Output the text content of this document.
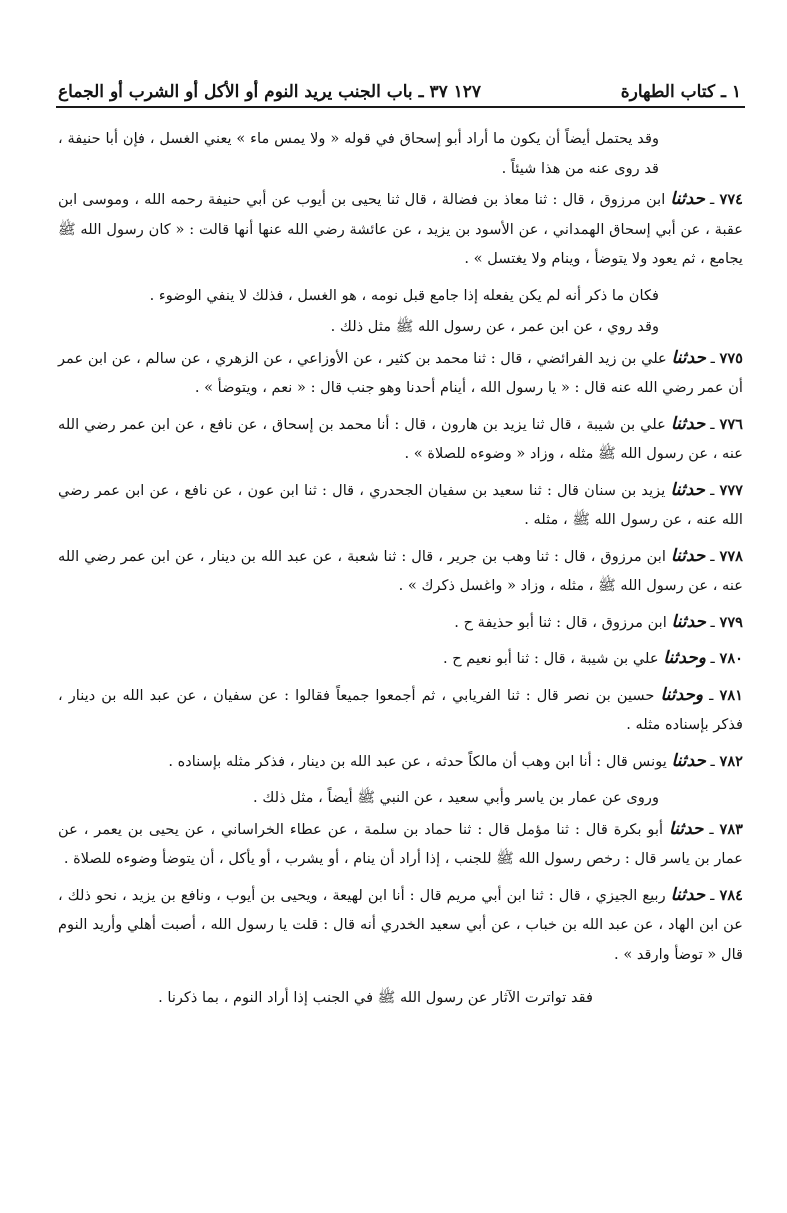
١ ـ كتاب الطهارة
١٢٧ ٣٧ ـ باب الجنب يريد النوم أو الأكل أو الشرب أو الجماع

وقد يحتمل أيضاً أن يكون ما أراد أبو إسحاق في قوله « ولا يمس ماء » يعني الغسل ، فإن أبا حنيفة ، قد روى عنه من هذا شيئاً .

٧٧٤ ـ حدثنا ابن مرزوق ، قال : ثنا معاذ بن فضالة ، قال ثنا يحيى بن أيوب عن أبي حنيفة رحمه الله ، وموسى ابن عقبة ، عن أبي إسحاق الهمداني ، عن الأسود بن يزيد ، عن عائشة رضي الله عنها أنها قالت : « كان رسول الله ﷺ يجامع ، ثم يعود ولا يتوضأ ، وينام ولا يغتسل » .

فكان ما ذكر أنه لم يكن يفعله إذا جامع قبل نومه ، هو الغسل ، فذلك لا ينفي الوضوء .

وقد روي ، عن ابن عمر ، عن رسول الله ﷺ مثل ذلك .

٧٧٥ ـ حدثنا علي بن زيد الفرائضي ، قال : ثنا محمد بن كثير ، عن الأوزاعي ، عن الزهري ، عن سالم ، عن ابن عمر أن عمر رضي الله عنه قال : « يا رسول الله ، أينام أحدنا وهو جنب قال : « نعم ، ويتوضأ » .

٧٧٦ ـ حدثنا علي بن شيبة ، قال ثنا يزيد بن هارون ، قال : أنا محمد بن إسحاق ، عن نافع ، عن ابن عمر رضي الله عنه ، عن رسول الله ﷺ مثله ، وزاد « وضوءه للصلاة » .

٧٧٧ ـ حدثنا يزيد بن سنان قال : ثنا سعيد بن سفيان الجحدري ، قال : ثنا ابن عون ، عن نافع ، عن ابن عمر رضي الله عنه ، عن رسول الله ﷺ ، مثله .

٧٧٨ ـ حدثنا ابن مرزوق ، قال : ثنا وهب بن جرير ، قال : ثنا شعبة ، عن عبد الله بن دينار ، عن ابن عمر رضي الله عنه ، عن رسول الله ﷺ ، مثله ، وزاد « واغسل ذكرك » .

٧٧٩ ـ حدثنا ابن مرزوق ، قال : ثنا أبو حذيفة ح .

٧٨٠ ـ وحدثنا علي بن شيبة ، قال : ثنا أبو نعيم ح .

٧٨١ ـ وحدثنا حسين بن نصر قال : ثنا الفريابي ، ثم أجمعوا جميعاً فقالوا : عن سفيان ، عن عبد الله بن دينار ، فذكر بإسناده مثله .

٧٨٢ ـ حدثنا يونس قال : أنا ابن وهب أن مالكاً حدثه ، عن عبد الله بن دينار ، فذكر مثله بإسناده .

وروى عن عمار بن ياسر وأبي سعيد ، عن النبي ﷺ أيضاً ، مثل ذلك .

٧٨٣ ـ حدثنا أبو بكرة قال : ثنا مؤمل قال : ثنا حماد بن سلمة ، عن عطاء الخراساني ، عن يحيى بن يعمر ، عن عمار بن ياسر قال : رخص رسول الله ﷺ للجنب ، إذا أراد أن ينام ، أو يشرب ، أو يأكل ، أن يتوضأ وضوءه للصلاة .

٧٨٤ ـ حدثنا ربيع الجيزي ، قال : ثنا ابن أبي مريم قال : أنا ابن لهيعة ، ويحيى بن أيوب ، ونافع بن يزيد ، نحو ذلك ، عن ابن الهاد ، عن عبد الله بن خباب ، عن أبي سعيد الخدري أنه قال : قلت يا رسول الله ، أصبت أهلي وأريد النوم قال « توضأ وارقد » .

فقد تواترت الآثار عن رسول الله ﷺ في الجنب إذا أراد النوم ، بما ذكرنا .
